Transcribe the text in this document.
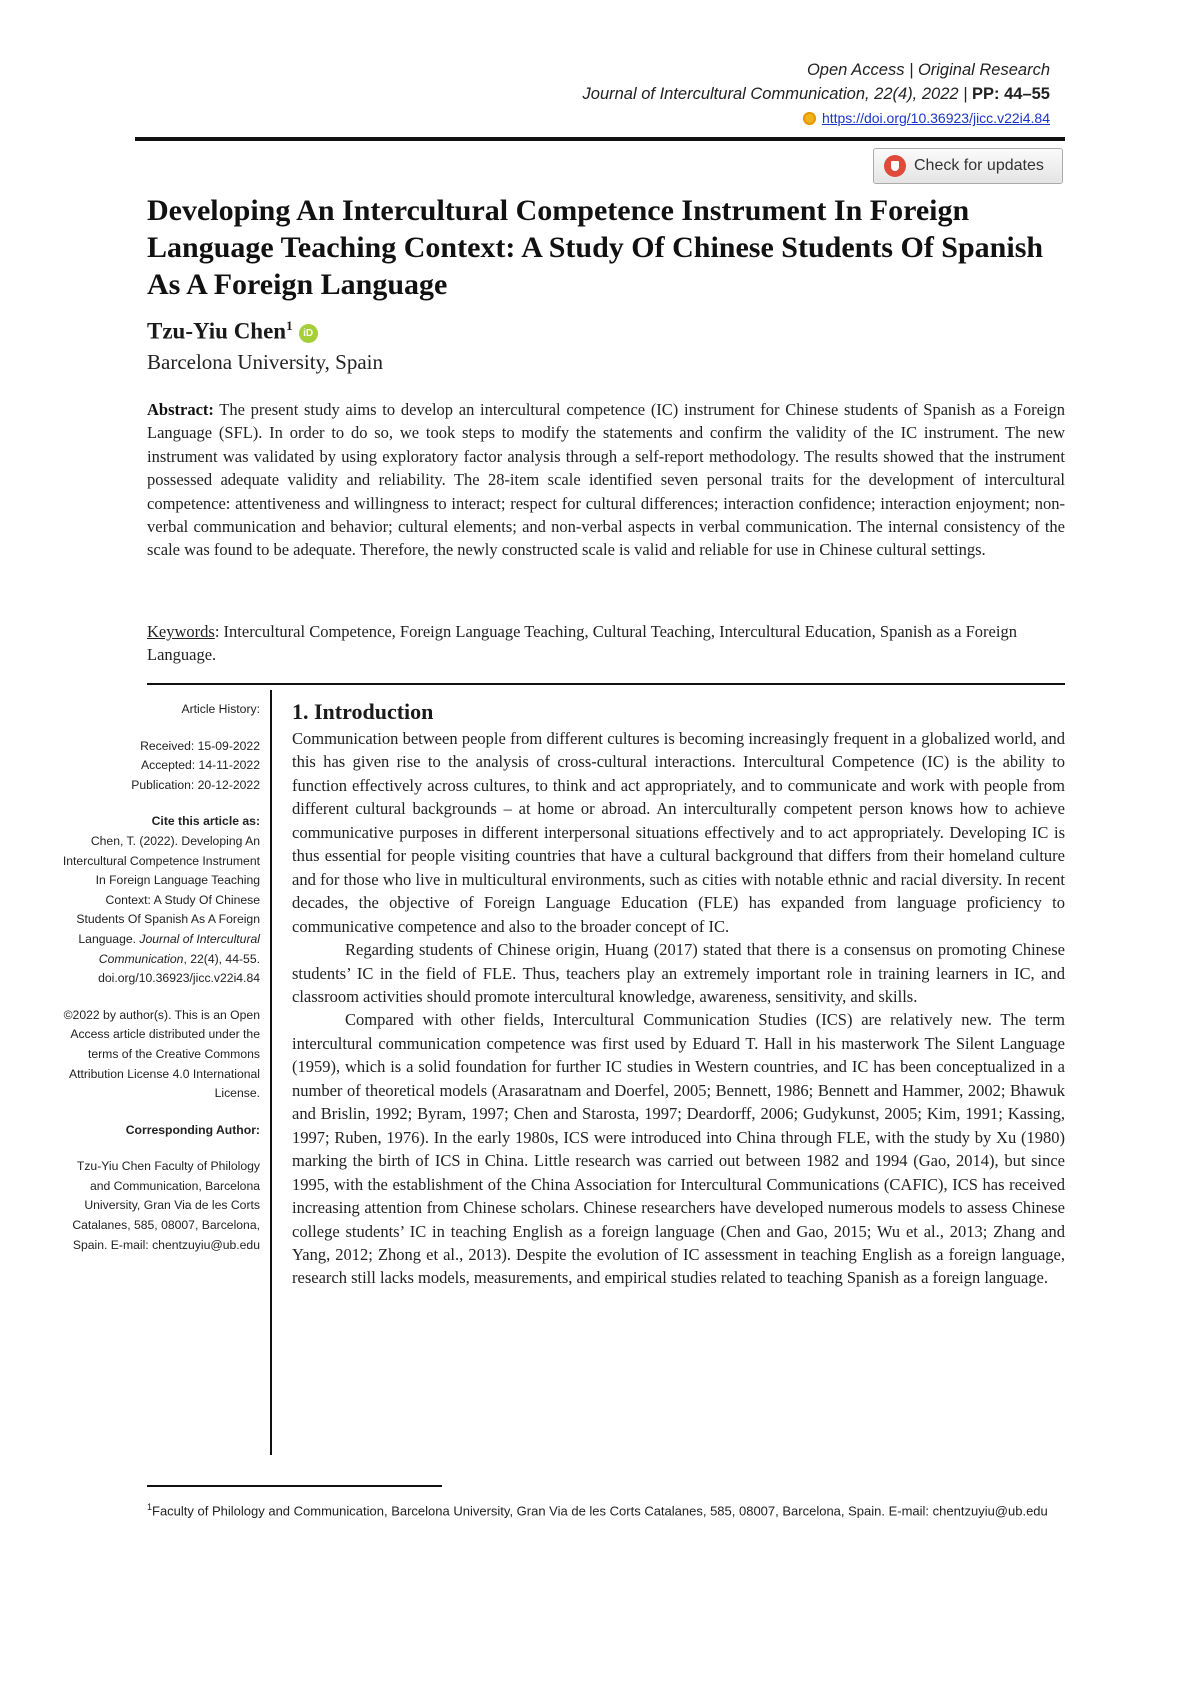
Open Access | Original Research
Journal of Intercultural Communication, 22(4), 2022 | PP: 44–55
https://doi.org/10.36923/jicc.v22i4.84
Check for updates
Developing An Intercultural Competence Instrument In Foreign Language Teaching Context: A Study Of Chinese Students Of Spanish As A Foreign Language
Tzu-Yiu Chen$^1$iD
Barcelona University, Spain

Abstract: The present study aims to develop an intercultural competence (IC) instrument for Chinese students of Spanish as a Foreign Language (SFL). In order to do so, we took steps to modify the statements and confirm the validity of the IC instrument. The new instrument was validated by using exploratory factor analysis through a self-report methodology. The results showed that the instrument possessed adequate validity and reliability. The 28-item scale identified seven personal traits for the development of intercultural competence: attentiveness and willingness to interact; respect for cultural differences; interaction confidence; interaction enjoyment; non-verbal communication and behavior; cultural elements; and non-verbal aspects in verbal communication. The internal consistency of the scale was found to be adequate. Therefore, the newly constructed scale is valid and reliable for use in Chinese cultural settings.

Keywords: Intercultural Competence, Foreign Language Teaching, Cultural Teaching, Intercultural Education, Spanish as a Foreign Language.

Article History:
Received: 15-09-2022
Accepted: 14-11-2022
Publication: 20-12-2022
Cite this article as:
Chen, T. (2022). Developing An Intercultural Competence Instrument In Foreign Language Teaching Context: A Study Of Chinese Students Of Spanish As A Foreign Language. Journal of Intercultural Communication, 22(4), 44-55. doi.org/10.36923/jicc.v22i4.84
©2022 by author(s). This is an Open Access article distributed under the terms of the Creative Commons Attribution License 4.0 International License.
Corresponding Author:
Tzu-Yiu Chen Faculty of Philology and Communication, Barcelona University, Gran Via de les Corts Catalanes, 585, 08007, Barcelona, Spain. E-mail: chentzuyiu@ub.edu
1. Introduction

Communication between people from different cultures is becoming increasingly frequent in a globalized world, and this has given rise to the analysis of cross-cultural interactions. Intercultural Competence (IC) is the ability to function effectively across cultures, to think and act appropriately, and to communicate and work with people from different cultural backgrounds – at home or abroad. An interculturally competent person knows how to achieve communicative purposes in different interpersonal situations effectively and to act appropriately. Developing IC is thus essential for people visiting countries that have a cultural background that differs from their homeland culture and for those who live in multicultural environments, such as cities with notable ethnic and racial diversity. In recent decades, the objective of Foreign Language Education (FLE) has expanded from language proficiency to communicative competence and also to the broader concept of IC.

Regarding students of Chinese origin, Huang (2017) stated that there is a consensus on promoting Chinese students’ IC in the field of FLE. Thus, teachers play an extremely important role in training learners in IC, and classroom activities should promote intercultural knowledge, awareness, sensitivity, and skills.

Compared with other fields, Intercultural Communication Studies (ICS) are relatively new. The term intercultural communication competence was first used by Eduard T. Hall in his masterwork The Silent Language (1959), which is a solid foundation for further IC studies in Western countries, and IC has been conceptualized in a number of theoretical models (Arasaratnam and Doerfel, 2005; Bennett, 1986; Bennett and Hammer, 2002; Bhawuk and Brislin, 1992; Byram, 1997; Chen and Starosta, 1997; Deardorff, 2006; Gudykunst, 2005; Kim, 1991; Kassing, 1997; Ruben, 1976). In the early 1980s, ICS were introduced into China through FLE, with the study by Xu (1980) marking the birth of ICS in China. Little research was carried out between 1982 and 1994 (Gao, 2014), but since 1995, with the establishment of the China Association for Intercultural Communications (CAFIC), ICS has received increasing attention from Chinese scholars. Chinese researchers have developed numerous models to assess Chinese college students’ IC in teaching English as a foreign language (Chen and Gao, 2015; Wu et al., 2013; Zhang and Yang, 2012; Zhong et al., 2013). Despite the evolution of IC assessment in teaching English as a foreign language, research still lacks models, measurements, and empirical studies related to teaching Spanish as a foreign language.

$^1$Faculty of Philology and Communication, Barcelona University, Gran Via de les Corts Catalanes, 585, 08007, Barcelona, Spain. E-mail: chentzuyiu@ub.edu
